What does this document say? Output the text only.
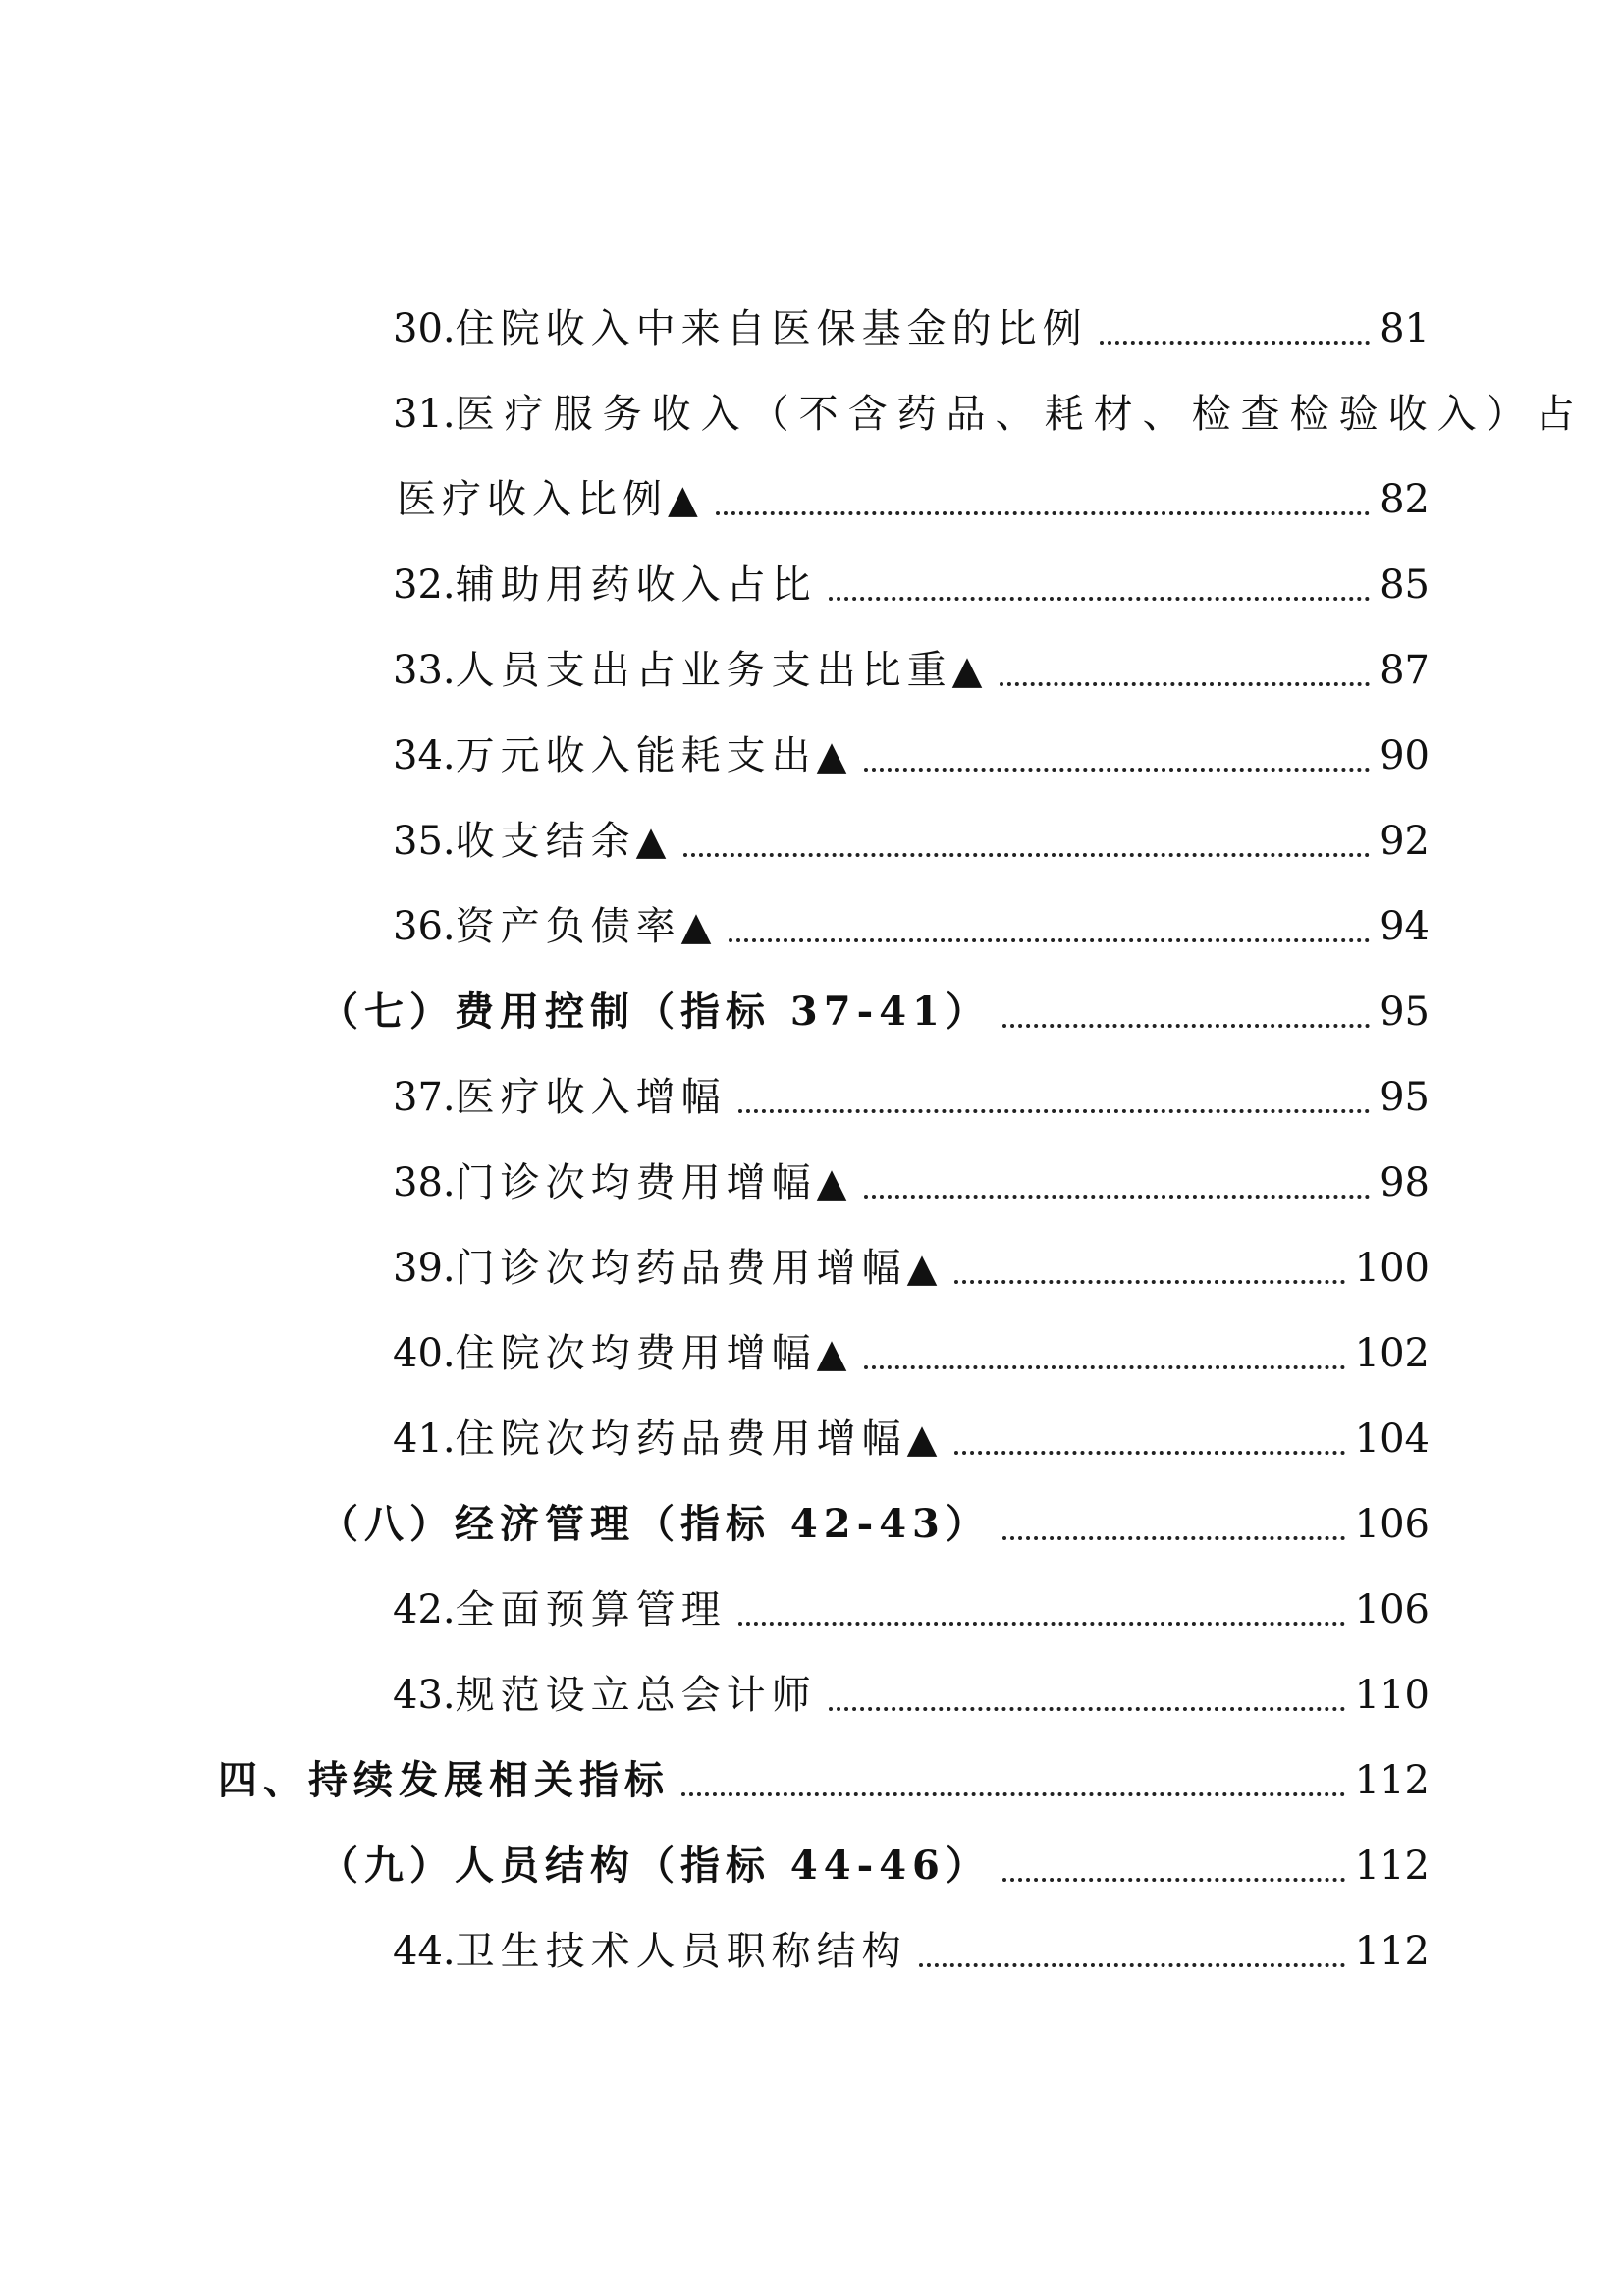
30.住院收入中来自医保基金的比例	81
31.医疗服务收入（不含药品、耗材、检查检验收入）占
医疗收入比例▲	82
32.辅助用药收入占比	85
33.人员支出占业务支出比重▲	87
34.万元收入能耗支出▲	90
35.收支结余▲	92
36.资产负债率▲	94
（七）费用控制（指标 37-41）	95
37.医疗收入增幅	95
38.门诊次均费用增幅▲	98
39.门诊次均药品费用增幅▲	100
40.住院次均费用增幅▲	102
41.住院次均药品费用增幅▲	104
（八）经济管理（指标 42-43）	106
42.全面预算管理	106
43.规范设立总会计师	110
四、持续发展相关指标	112
（九）人员结构（指标 44-46）	112
44.卫生技术人员职称结构	112
